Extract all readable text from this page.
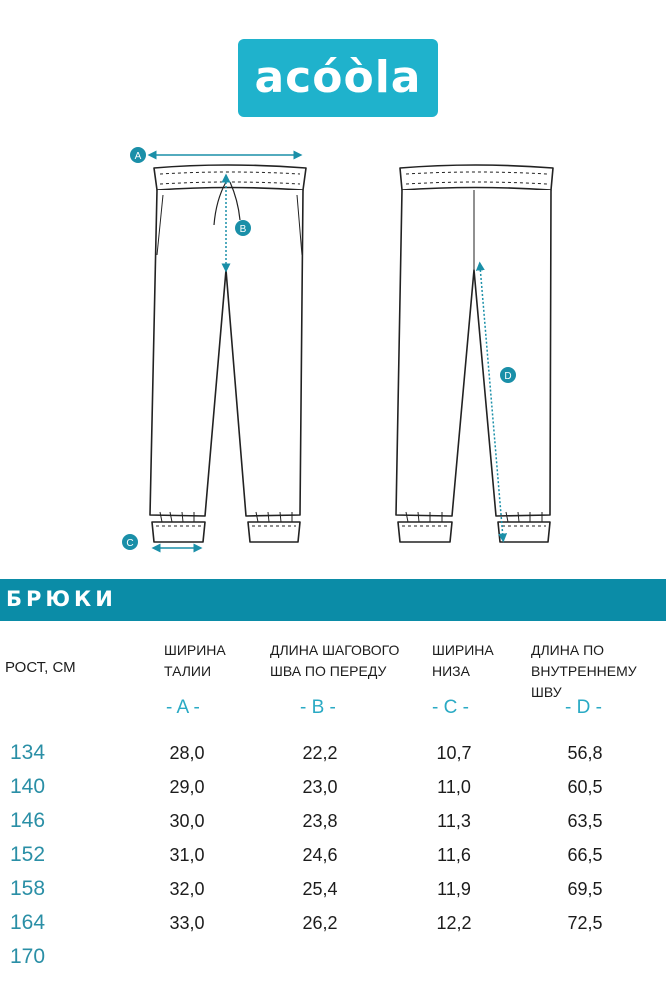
acóòla
A
B
C
D
БРЮКИ
РОСТ, СМ
ШИРИНА
ТАЛИИ
ДЛИНА ШАГОВОГО
ШВА ПО ПЕРЕДУ
ШИРИНА
НИЗА
ДЛИНА ПО
ВНУТРЕННЕМУ ШВУ
- A -	- B -	- C -	- D -
134	28,0	22,2	10,7	56,8
140	29,0	23,0	11,0	60,5
146	30,0	23,8	11,3	63,5
152	31,0	24,6	11,6	66,5
158	32,0	25,4	11,9	69,5
164	33,0	26,2	12,2	72,5
170
